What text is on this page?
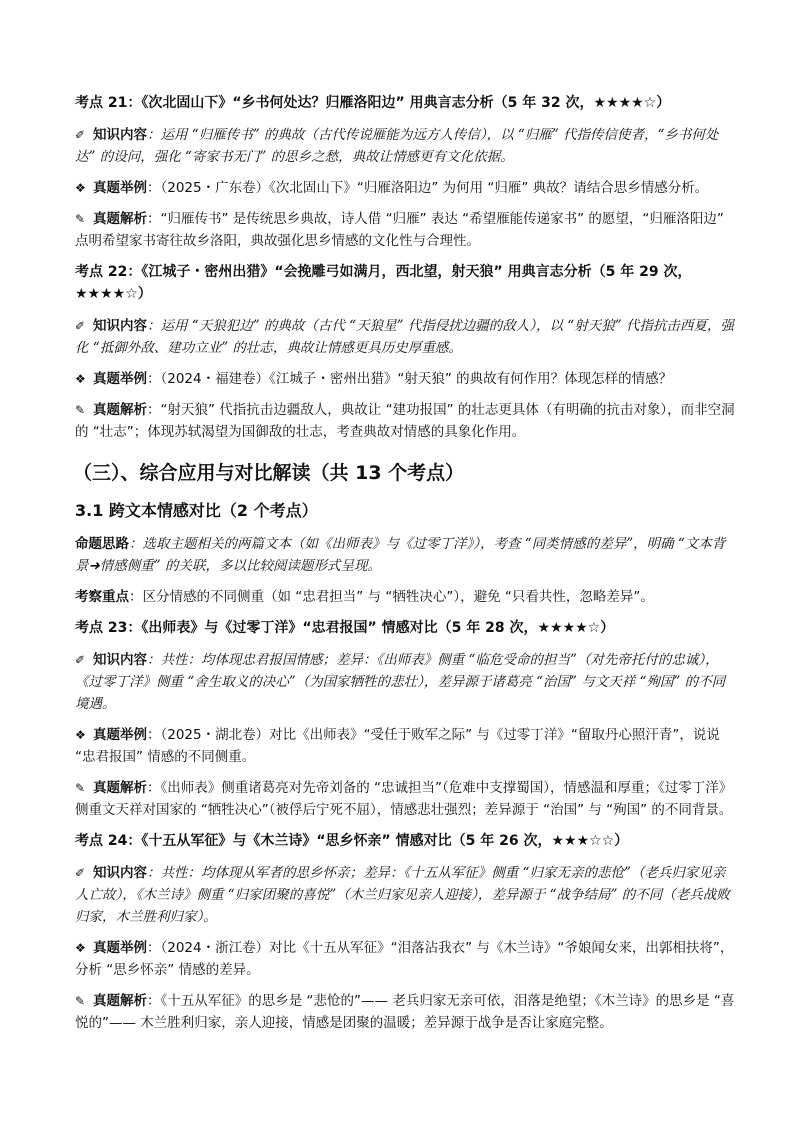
考点 21：《次北固山下》“乡书何处达？归雁洛阳边” 用典言志分析（5 年 32 次，★★★★☆）
✐ 知识内容：运用 “归雁传书” 的典故（古代传说雁能为远方人传信），以 “归雁” 代指传信使者，“乡书何处达” 的设问，强化 “寄家书无门” 的思乡之愁，典故让情感更有文化依据。
❖ 真题举例：（2025・广东卷）《次北固山下》“归雁洛阳边” 为何用 “归雁” 典故？请结合思乡情感分析。
✎ 真题解析：“归雁传书” 是传统思乡典故，诗人借 “归雁” 表达 “希望雁能传递家书” 的愿望，“归雁洛阳边” 点明希望家书寄往故乡洛阳，典故强化思乡情感的文化性与合理性。
考点 22：《江城子・密州出猎》“会挽雕弓如满月，西北望，射天狼” 用典言志分析（5 年 29 次，★★★★☆）
✐ 知识内容：运用 “天狼犯边” 的典故（古代 “天狼星” 代指侵扰边疆的敌人），以 “射天狼” 代指抗击西夏，强化 “抵御外敌、建功立业” 的壮志，典故让情感更具历史厚重感。
❖ 真题举例：（2024・福建卷）《江城子・密州出猎》“射天狼” 的典故有何作用？体现怎样的情感？
✎ 真题解析：“射天狼” 代指抗击边疆敌人，典故让 “建功报国” 的壮志更具体（有明确的抗击对象），而非空洞的 “壮志”；体现苏轼渴望为国御敌的壮志，考查典故对情感的具象化作用。
（三）、综合应用与对比解读（共 13 个考点）
3.1 跨文本情感对比（2 个考点）
命题思路：选取主题相关的两篇文本（如《出师表》与《过零丁洋》），考查 “同类情感的差异”，明确 “文本背景➜情感侧重” 的关联，多以比较阅读题形式呈现。
考察重点：区分情感的不同侧重（如 “忠君担当” 与 “牺牲决心”），避免 “只看共性，忽略差异”。
考点 23：《出师表》与《过零丁洋》“忠君报国” 情感对比（5 年 28 次，★★★★☆）
✐ 知识内容：共性：均体现忠君报国情感；差异：《出师表》侧重 “临危受命的担当”（对先帝托付的忠诚），《过零丁洋》侧重 “舍生取义的决心”（为国家牺牲的悲壮），差异源于诸葛亮 “治国” 与文天祥 “殉国” 的不同境遇。
❖ 真题举例：（2025・湖北卷）对比《出师表》“受任于败军之际” 与《过零丁洋》“留取丹心照汗青”，说说 “忠君报国” 情感的不同侧重。
✎ 真题解析：《出师表》侧重诸葛亮对先帝刘备的 “忠诚担当”（危难中支撑蜀国），情感温和厚重；《过零丁洋》侧重文天祥对国家的 “牺牲决心”（被俘后宁死不屈），情感悲壮强烈；差异源于 “治国” 与 “殉国” 的不同背景。
考点 24：《十五从军征》与《木兰诗》“思乡怀亲” 情感对比（5 年 26 次，★★★☆☆）
✐ 知识内容：共性：均体现从军者的思乡怀亲；差异：《十五从军征》侧重 “归家无亲的悲怆”（老兵归家见亲人亡故），《木兰诗》侧重 “归家团聚的喜悦”（木兰归家见亲人迎接），差异源于 “战争结局” 的不同（老兵战败归家，木兰胜利归家）。
❖ 真题举例：（2024・浙江卷）对比《十五从军征》“泪落沾我衣” 与《木兰诗》“爷娘闻女来，出郭相扶将”，分析 “思乡怀亲” 情感的差异。
✎ 真题解析：《十五从军征》的思乡是 “悲怆的”—— 老兵归家无亲可依，泪落是绝望；《木兰诗》的思乡是 “喜悦的”—— 木兰胜利归家，亲人迎接，情感是团聚的温暖；差异源于战争是否让家庭完整。
